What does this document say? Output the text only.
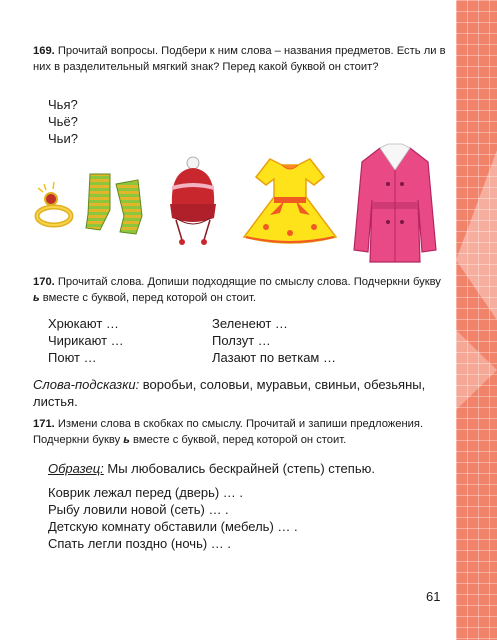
169. Прочитай вопросы. Подбери к ним слова – названия предметов. Есть ли в них в разделительный мягкий знак? Перед какой буквой он стоит?
Чья?
Чьё?
Чьи?
170. Прочитай слова. Допиши подходящие по смыслу слова. Подчеркни букву ь вместе с буквой, перед которой он стоит.
Хрюкают …
Чирикают …
Поют …
Зеленеют …
Ползут …
Лазают по веткам …
Слова-подсказки: воробьи, соловьи, муравьи, свиньи, обезьяны, листья.
171. Измени слова в скобках по смыслу. Прочитай и запиши предложения. Подчеркни букву ь вместе с буквой, перед которой он стоит.
Образец: Мы любовались бескрайней (степь) степью.
Коврик лежал перед (дверь) … .
Рыбу ловили новой (сеть) … .
Детскую комнату обставили (мебель) … .
Спать легли поздно (ночь) … .
61
